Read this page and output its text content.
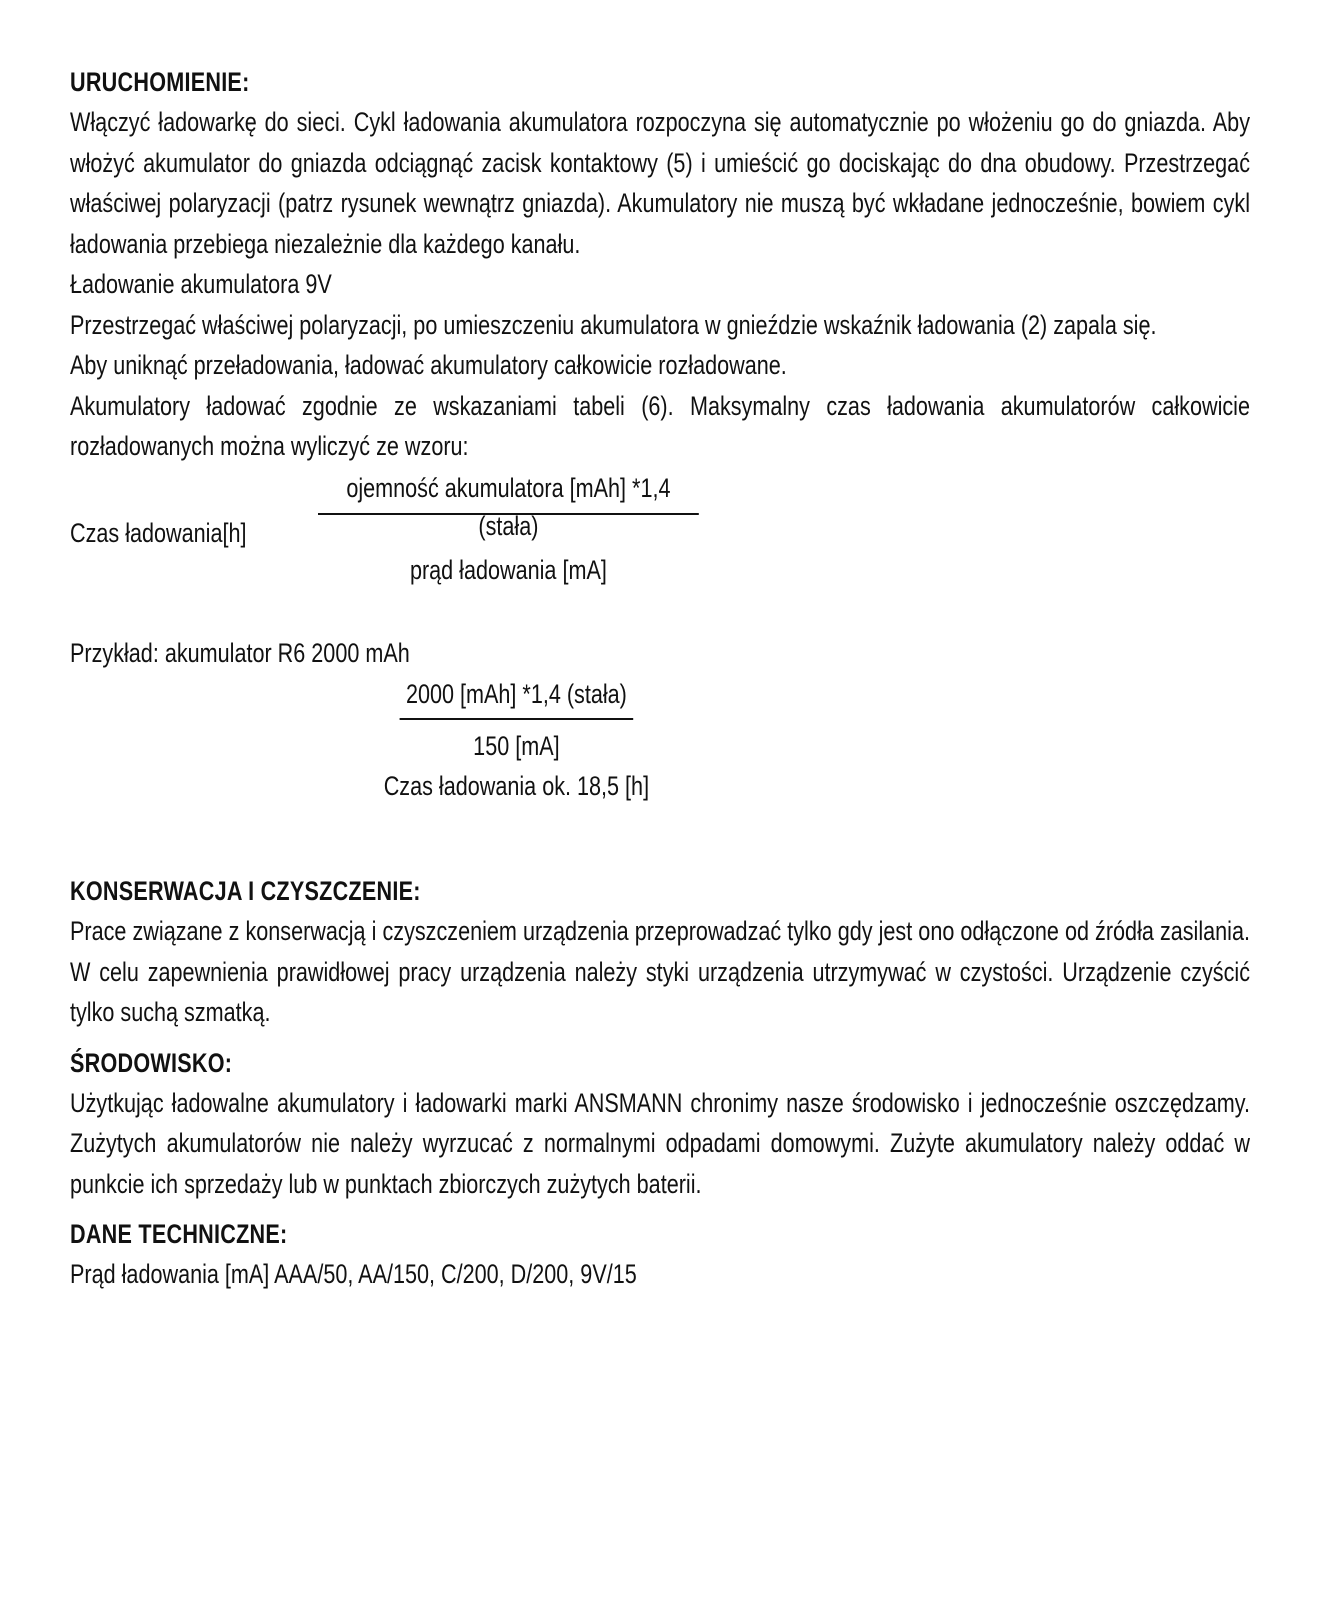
URUCHOMIENIE:

Włączyć ładowarkę do sieci. Cykl ładowania akumulatora rozpoczyna się automatycznie po włożeniu go do gniazda. Aby włożyć akumulator do gniazda odciągnąć zacisk kontaktowy (5) i umieścić go dociskając do dna obudowy. Przestrzegać właściwej polaryzacji (patrz rysunek wewnątrz gniazda). Akumulatory nie muszą być wkładane jednocześnie, bowiem cykl ładowania przebiega niezależnie dla każdego kanału.

Ładowanie akumulatora 9V

Przestrzegać właściwej polaryzacji, po umieszczeniu akumulatora w gnieździe wskaźnik ładowania (2) zapala się.

Aby uniknąć przeładowania, ładować akumulatory całkowicie rozładowane.

Akumulatory ładować zgodnie ze wskazaniami tabeli (6). Maksymalny czas ładowania akumulatorów całkowicie rozładowanych można wyliczyć ze wzoru:

ojemność akumulatora [mAh] *1,4 (stała)
Czas ładowania[h]
prąd ładowania [mA]

Przykład: akumulator R6 2000 mAh

2000 [mAh] *1,4 (stała)
150 [mA]
Czas ładowania ok. 18,5 [h]
KONSERWACJA I CZYSZCZENIE:

Prace związane z konserwacją i czyszczeniem urządzenia przeprowadzać tylko gdy jest ono odłączone od źródła zasilania. W celu zapewnienia prawidłowej pracy urządzenia należy styki urządzenia utrzymywać w czystości. Urządzenie czyścić tylko suchą szmatką.

ŚRODOWISKO:

Użytkując ładowalne akumulatory i ładowarki marki ANSMANN chronimy nasze środowisko i jednocześnie oszczędzamy. Zużytych akumulatorów nie należy wyrzucać z normalnymi odpadami domowymi. Zużyte akumulatory należy oddać w punkcie ich sprzedaży lub w punktach zbiorczych zużytych baterii.

DANE TECHNICZNE:

Prąd ładowania [mA] AAA/50, AA/150, C/200, D/200, 9V/15
